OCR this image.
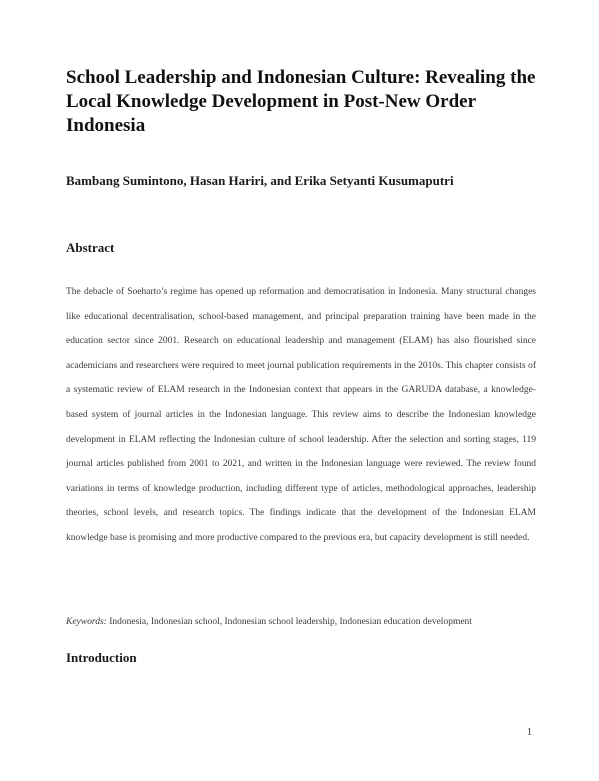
School Leadership and Indonesian Culture: Revealing the Local Knowledge Development in Post-New Order Indonesia
Bambang Sumintono, Hasan Hariri, and Erika Setyanti Kusumaputri
Abstract
The debacle of Soeharto’s regime has opened up reformation and democratisation in Indonesia. Many structural changes like educational decentralisation, school-based management, and principal preparation training have been made in the education sector since 2001. Research on educational leadership and management (ELAM) has also flourished since academicians and researchers were required to meet journal publication requirements in the 2010s. This chapter consists of a systematic review of ELAM research in the Indonesian context that appears in the GARUDA database, a knowledge-based system of journal articles in the Indonesian language. This review aims to describe the Indonesian knowledge development in ELAM reflecting the Indonesian culture of school leadership. After the selection and sorting stages, 119 journal articles published from 2001 to 2021, and written in the Indonesian language were reviewed. The review found variations in terms of knowledge production, including different type of articles, methodological approaches, leadership theories, school levels, and research topics. The findings indicate that the development of the Indonesian ELAM knowledge base is promising and more productive compared to the previous era, but capacity development is still needed.
Keywords: Indonesia, Indonesian school, Indonesian school leadership, Indonesian education development
Introduction
1
